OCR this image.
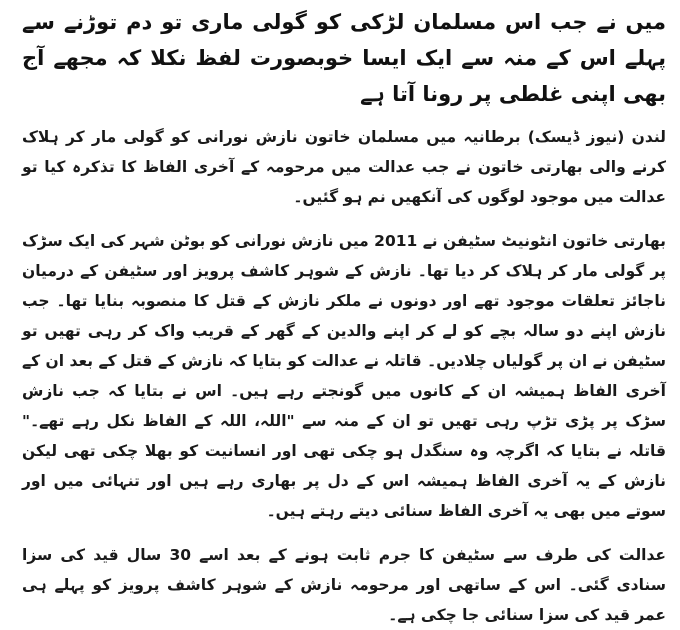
میں نے جب اس مسلمان لڑکی کو گولی ماری تو دم توڑنے سے پہلے اس کے منہ سے ایک ایسا خوبصورت لفظ نکلا کہ مجھے آج بھی اپنی غلطی پر رونا آتا ہے
لندن (نیوز ڈیسک) برطانیہ میں مسلمان خاتون نازش نورانی کو گولی مار کر ہلاک کرنے والی بھارتی خاتون نے جب عدالت میں مرحومہ کے آخری الفاظ کا تذکرہ کیا تو عدالت میں موجود لوگوں کی آنکھیں نم ہو گئیں۔
بھارتی خاتون انٹونیٹ سٹیفن نے 2011 میں نازش نورانی کو بوٹن شہر کی ایک سڑک پر گولی مار کر ہلاک کر دیا تھا۔ نازش کے شوہر کاشف پرویز اور سٹیفن کے درمیان ناجائز تعلقات موجود تھے اور دونوں نے ملکر نازش کے قتل کا منصوبہ بنایا تھا۔ جب نازش اپنے دو سالہ بچے کو لے کر اپنے والدین کے گھر کے قریب واک کر رہی تھیں تو سٹیفن نے ان پر گولیاں چلادیں۔ قاتلہ نے عدالت کو بتایا کہ نازش کے قتل کے بعد ان کے آخری الفاظ ہمیشہ ان کے کانوں میں گونجتے رہے ہیں۔ اس نے بتایا کہ جب نازش سڑک پر پڑی تڑپ رہی تھیں تو ان کے منہ سے "اللہ، اللہ کے الفاظ نکل رہے تھے۔" قاتلہ نے بتایا کہ اگرچہ وہ سنگدل ہو چکی تھی اور انسانیت کو بھلا چکی تھی لیکن نازش کے یہ آخری الفاظ ہمیشہ اس کے دل پر بھاری رہے ہیں اور تنہائی میں اور سوتے میں بھی یہ آخری الفاظ سنائی دیتے رہتے ہیں۔
عدالت کی طرف سے سٹیفن کا جرم ثابت ہونے کے بعد اسے 30 سال قید کی سزا سنادی گئی۔ اس کے ساتھی اور مرحومہ نازش کے شوہر کاشف پرویز کو پہلے ہی عمر قید کی سزا سنائی جا چکی ہے۔
